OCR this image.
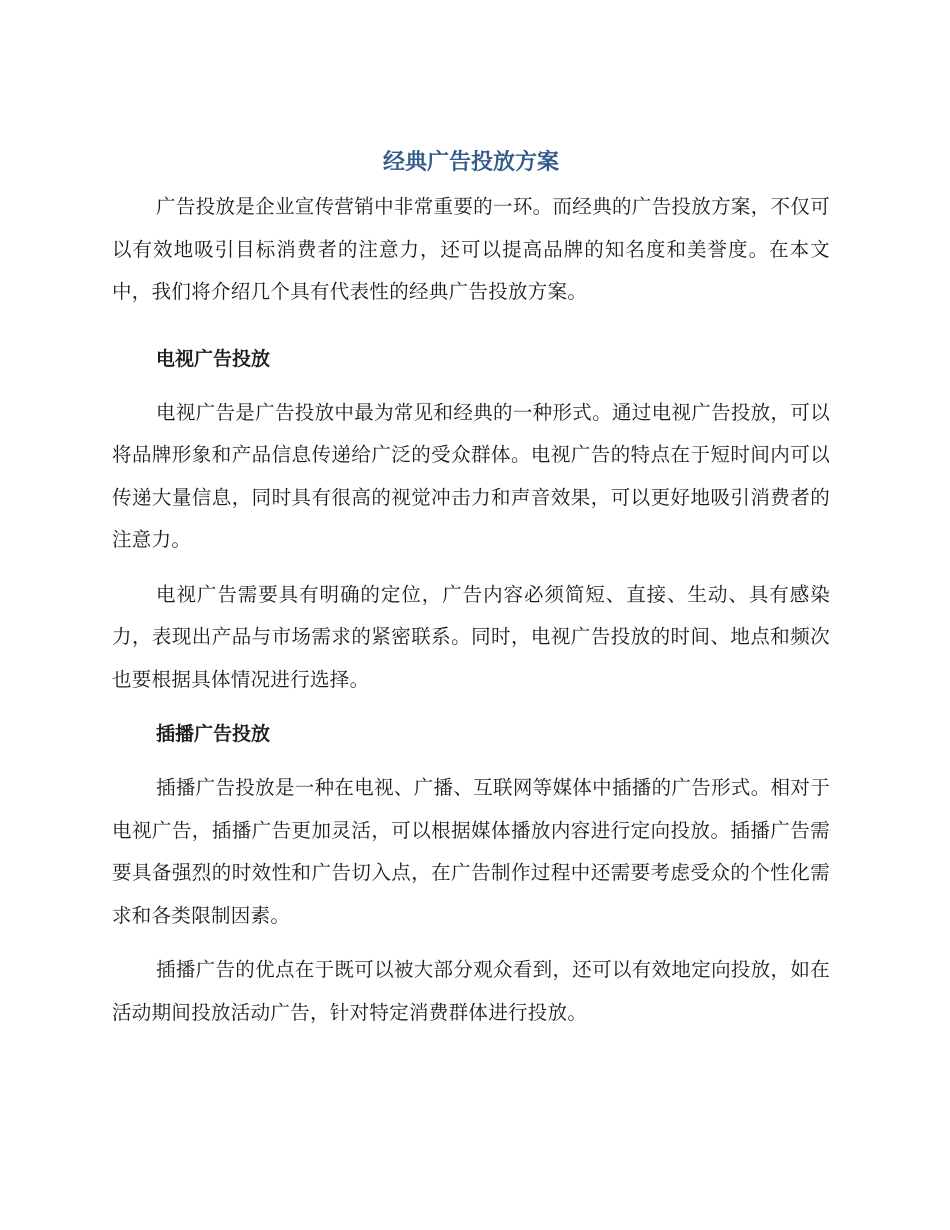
经典广告投放方案

广告投放是企业宣传营销中非常重要的一环。而经典的广告投放方案，不仅可以有效地吸引目标消费者的注意力，还可以提高品牌的知名度和美誉度。在本文中，我们将介绍几个具有代表性的经典广告投放方案。

电视广告投放

电视广告是广告投放中最为常见和经典的一种形式。通过电视广告投放，可以将品牌形象和产品信息传递给广泛的受众群体。电视广告的特点在于短时间内可以传递大量信息，同时具有很高的视觉冲击力和声音效果，可以更好地吸引消费者的注意力。

电视广告需要具有明确的定位，广告内容必须简短、直接、生动、具有感染力，表现出产品与市场需求的紧密联系。同时，电视广告投放的时间、地点和频次也要根据具体情况进行选择。

插播广告投放

插播广告投放是一种在电视、广播、互联网等媒体中插播的广告形式。相对于电视广告，插播广告更加灵活，可以根据媒体播放内容进行定向投放。插播广告需要具备强烈的时效性和广告切入点，在广告制作过程中还需要考虑受众的个性化需求和各类限制因素。

插播广告的优点在于既可以被大部分观众看到，还可以有效地定向投放，如在活动期间投放活动广告，针对特定消费群体进行投放。
